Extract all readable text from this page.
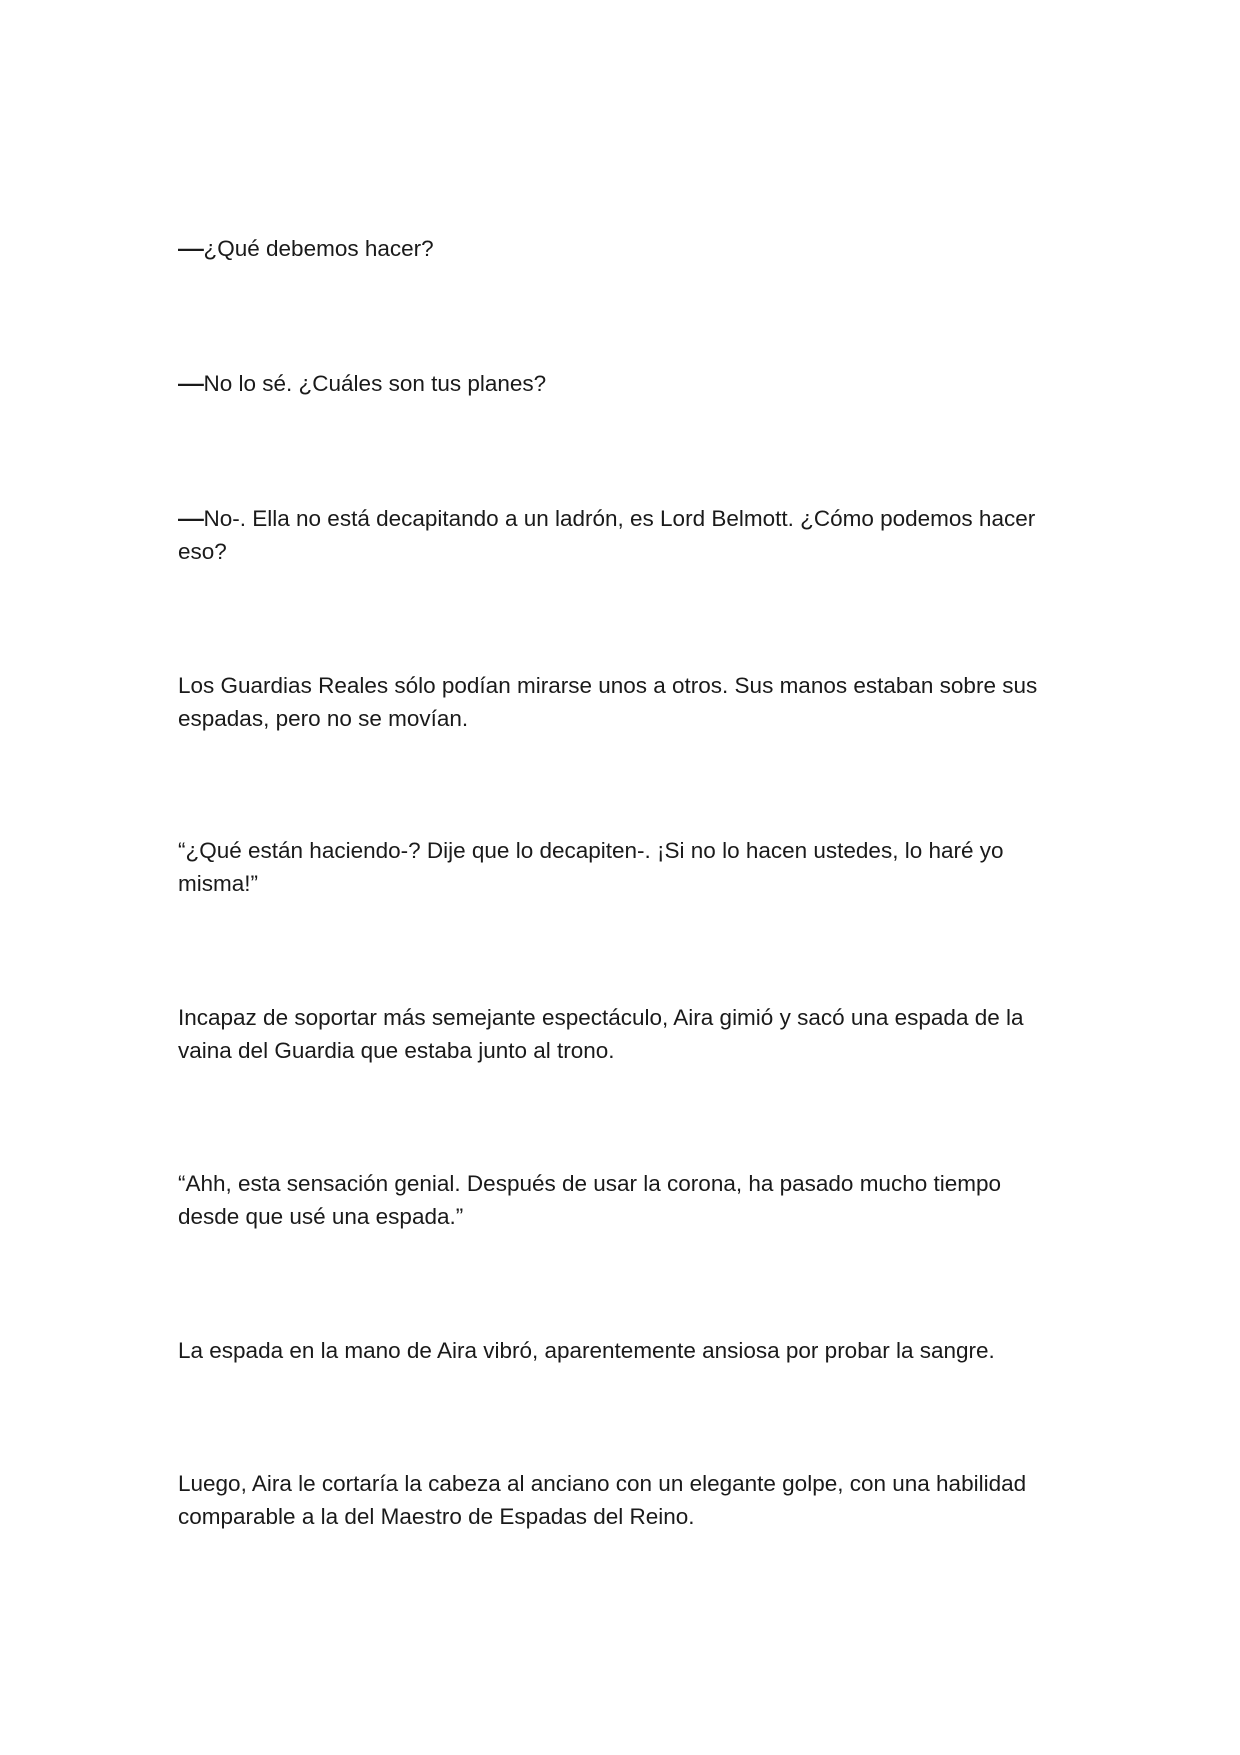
—¿Qué debemos hacer?

—No lo sé. ¿Cuáles son tus planes?

—No-. Ella no está decapitando a un ladrón, es Lord Belmott. ¿Cómo podemos hacer
eso?

Los Guardias Reales sólo podían mirarse unos a otros. Sus manos estaban sobre sus
espadas, pero no se movían.

“¿Qué están haciendo-? Dije que lo decapiten-. ¡Si no lo hacen ustedes, lo haré yo
misma!”

Incapaz de soportar más semejante espectáculo, Aira gimió y sacó una espada de la
vaina del Guardia que estaba junto al trono.

“Ahh, esta sensación genial. Después de usar la corona, ha pasado mucho tiempo
desde que usé una espada.”

La espada en la mano de Aira vibró, aparentemente ansiosa por probar la sangre.

Luego, Aira le cortaría la cabeza al anciano con un elegante golpe, con una habilidad
comparable a la del Maestro de Espadas del Reino.
